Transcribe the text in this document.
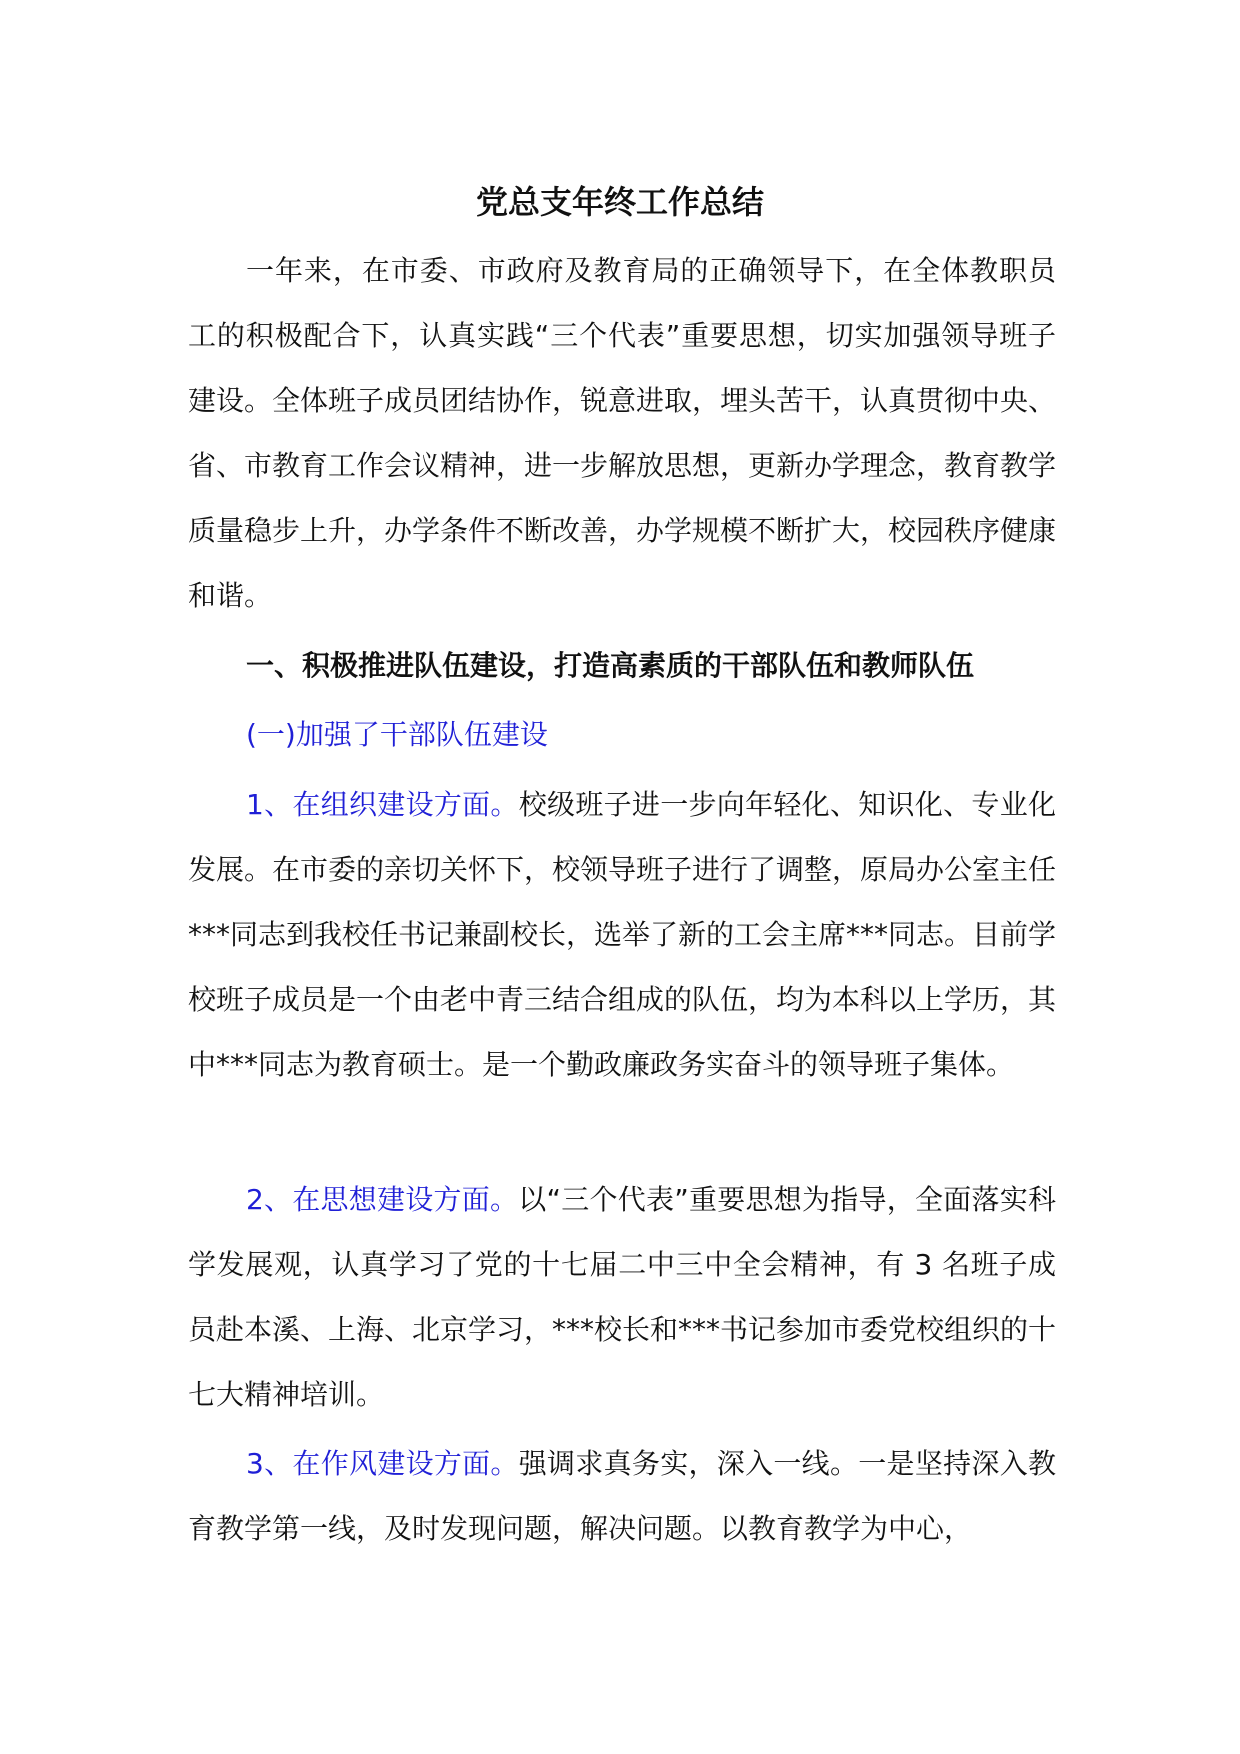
党总支年终工作总结

一年来，在市委、市政府及教育局的正确领导下，在全体教职员工的积极配合下，认真实践“三个代表”重要思想，切实加强领导班子建设。全体班子成员团结协作，锐意进取，埋头苦干，认真贯彻中央、省、市教育工作会议精神，进一步解放思想，更新办学理念，教育教学质量稳步上升，办学条件不断改善，办学规模不断扩大，校园秩序健康和谐。

一、积极推进队伍建设，打造高素质的干部队伍和教师队伍
(一)加强了干部队伍建设

1、在组织建设方面。校级班子进一步向年轻化、知识化、专业化发展。在市委的亲切关怀下，校领导班子进行了调整，原局办公室主任***同志到我校任书记兼副校长，选举了新的工会主席***同志。目前学校班子成员是一个由老中青三结合组成的队伍，均为本科以上学历，其中***同志为教育硕士。是一个勤政廉政务实奋斗的领导班子集体。

2、在思想建设方面。以“三个代表”重要思想为指导，全面落实科学发展观，认真学习了党的十七届二中三中全会精神，有 3 名班子成员赴本溪、上海、北京学习，***校长和***书记参加市委党校组织的十七大精神培训。

3、在作风建设方面。强调求真务实，深入一线。一是坚持深入教育教学第一线，及时发现问题，解决问题。以教育教学为中心，
